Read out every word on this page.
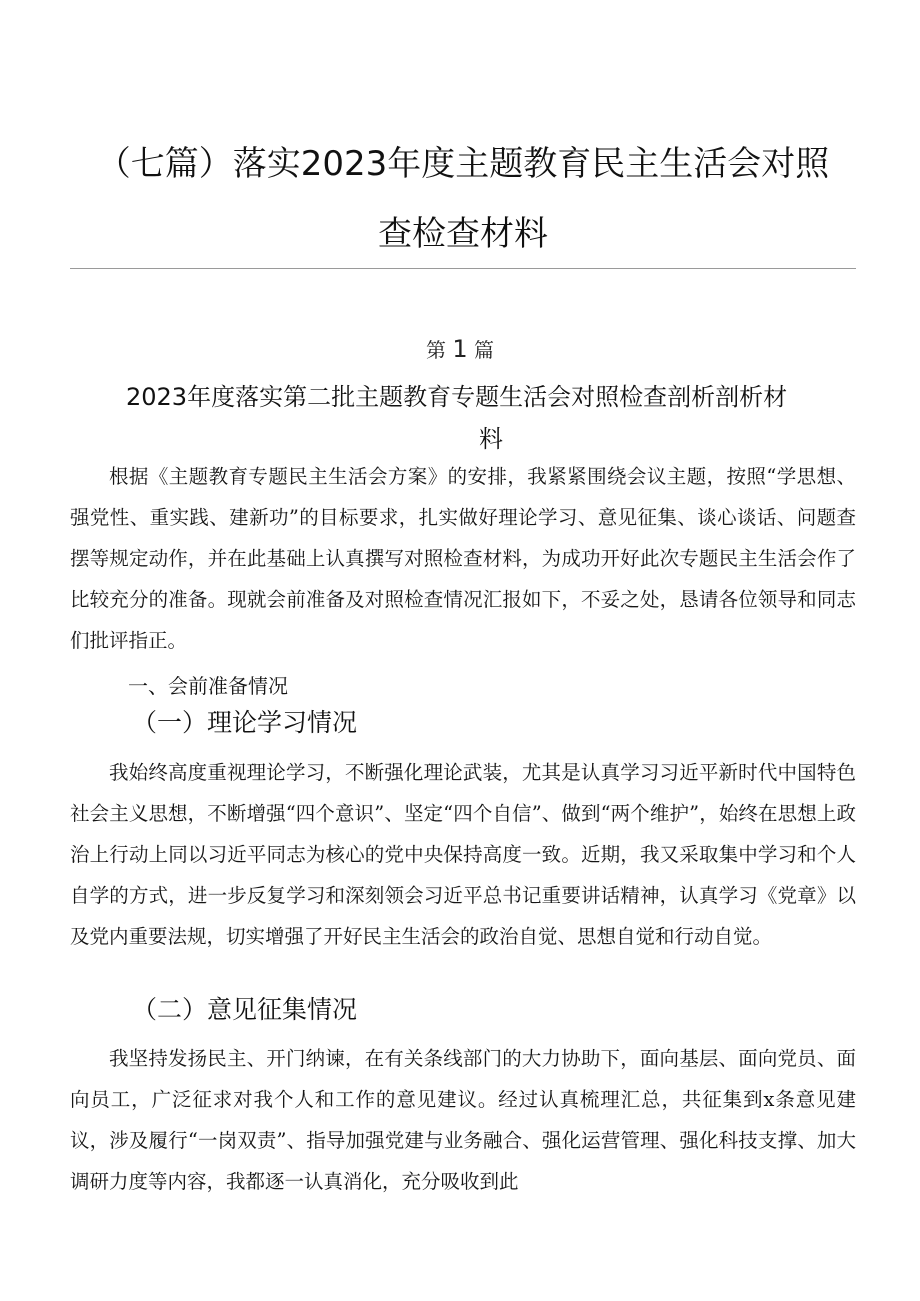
（七篇）落实2023年度主题教育民主生活会对照
查检查材料
第 1 篇
2023年度落实第二批主题教育专题生活会对照检查剖析剖析材
料

根据《主题教育专题民主生活会方案》的安排，我紧紧围绕会议主题，按照“学思想、强党性、重实践、建新功”的目标要求，扎实做好理论学习、意见征集、谈心谈话、问题查摆等规定动作，并在此基础上认真撰写对照检查材料，为成功开好此次专题民主生活会作了比较充分的准备。现就会前准备及对照检查情况汇报如下，不妥之处，恳请各位领导和同志们批评指正。

一、会前准备情况
（一）理论学习情况

我始终高度重视理论学习，不断强化理论武装，尤其是认真学习习近平新时代中国特色社会主义思想，不断增强“四个意识”、坚定“四个自信”、做到“两个维护”，始终在思想上政治上行动上同以习近平同志为核心的党中央保持高度一致。近期，我又采取集中学习和个人自学的方式，进一步反复学习和深刻领会习近平总书记重要讲话精神，认真学习《党章》以及党内重要法规，切实增强了开好民主生活会的政治自觉、思想自觉和行动自觉。

（二）意见征集情况

我坚持发扬民主、开门纳谏，在有关条线部门的大力协助下，面向基层、面向党员、面向员工，广泛征求对我个人和工作的意见建议。经过认真梳理汇总，共征集到x条意见建议，涉及履行“一岗双责”、指导加强党建与业务融合、强化运营管理、强化科技支撑、加大调研力度等内容，我都逐一认真消化，充分吸收到此
